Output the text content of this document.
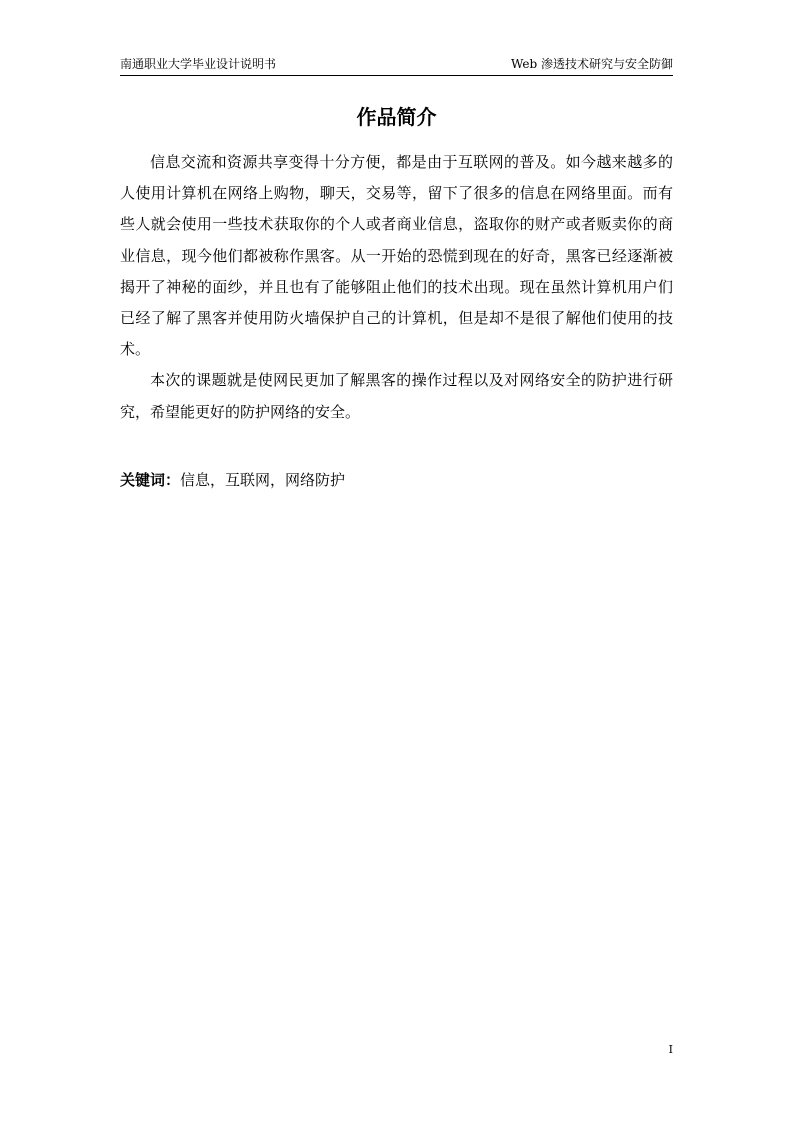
南通职业大学毕业设计说明书	Web 渗透技术研究与安全防御
作品简介

信息交流和资源共享变得十分方便，都是由于互联网的普及。如今越来越多的人使用计算机在网络上购物，聊天，交易等，留下了很多的信息在网络里面。而有些人就会使用一些技术获取你的个人或者商业信息，盗取你的财产或者贩卖你的商业信息，现今他们都被称作黑客。从一开始的恐慌到现在的好奇，黑客已经逐渐被揭开了神秘的面纱，并且也有了能够阻止他们的技术出现。现在虽然计算机用户们已经了解了黑客并使用防火墙保护自己的计算机，但是却不是很了解他们使用的技术。

本次的课题就是使网民更加了解黑客的操作过程以及对网络安全的防护进行研究，希望能更好的防护网络的安全。

关键词：信息，互联网，网络防护

I
